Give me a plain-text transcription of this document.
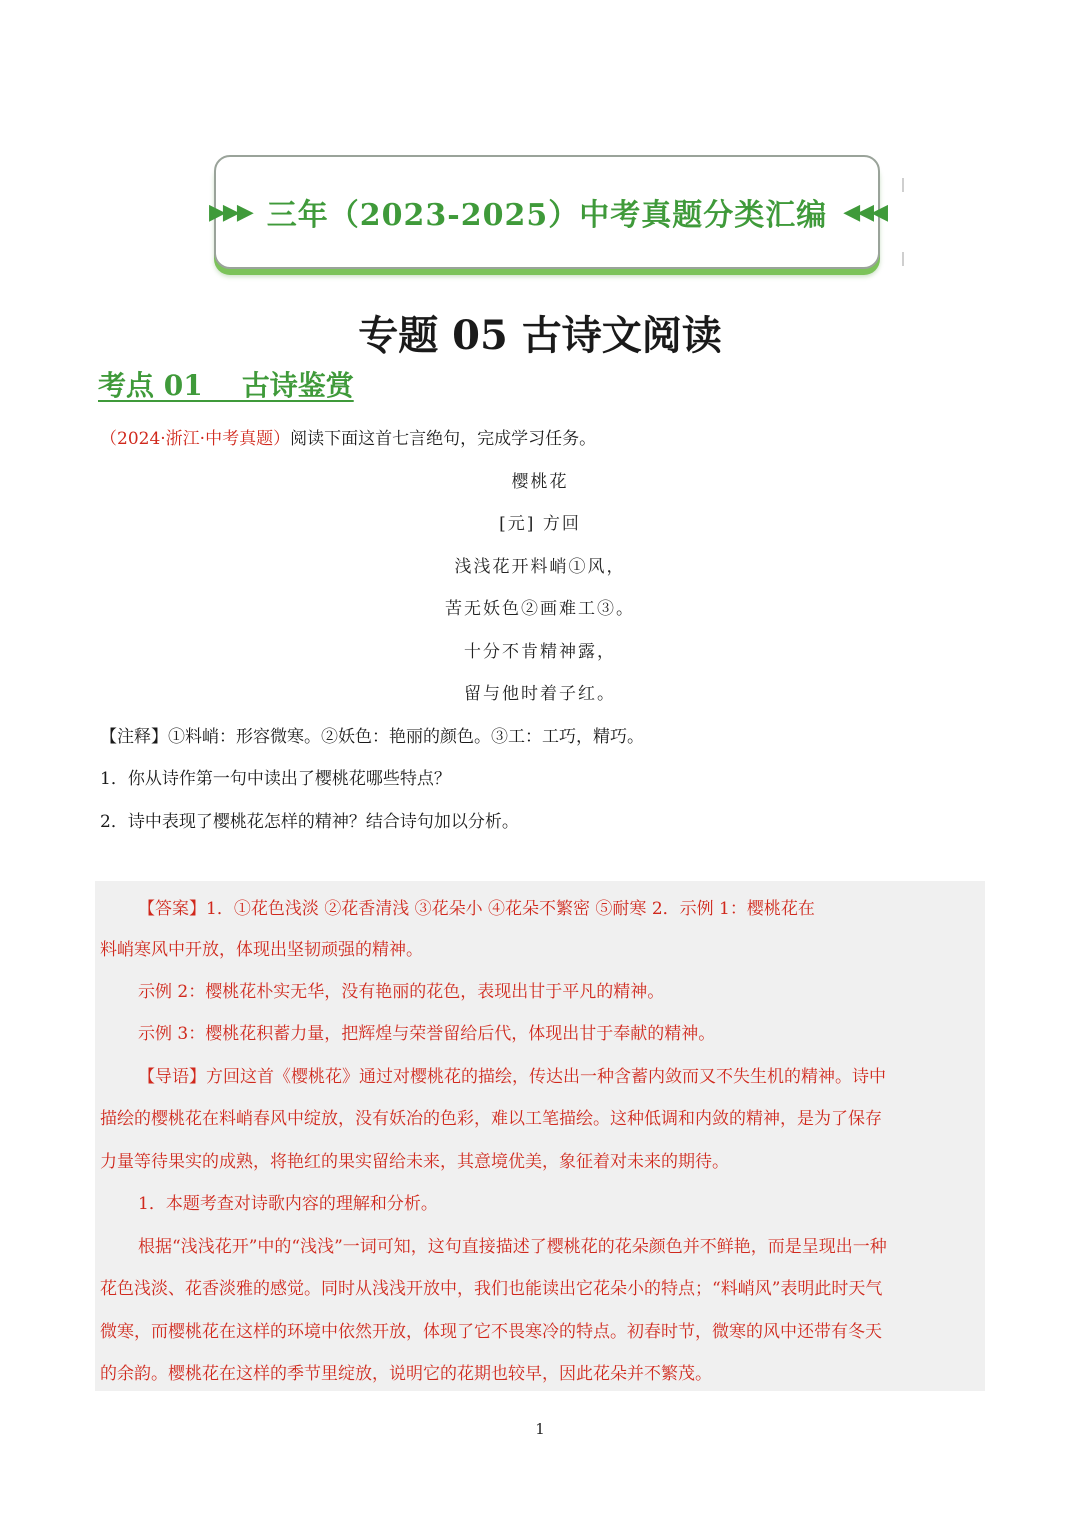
▶▶▶ 三年（2023-2025）中考真题分类汇编 ◀◀◀
专题 05 古诗文阅读
考点 01    古诗鉴赏
（2024·浙江·中考真题）阅读下面这首七言绝句，完成学习任务。
樱桃花
[元] 方回
浅浅花开料峭①风，
苦无妖色②画难工③。
十分不肯精神露，
留与他时着子红。
【注释】①料峭：形容微寒。②妖色：艳丽的颜色。③工：工巧，精巧。
1．你从诗作第一句中读出了樱桃花哪些特点？
2．诗中表现了樱桃花怎样的精神？结合诗句加以分析。
【答案】1．①花色浅淡 ②花香清浅 ③花朵小 ④花朵不繁密 ⑤耐寒 2．示例 1：樱桃花在
料峭寒风中开放，体现出坚韧顽强的精神。
示例 2：樱桃花朴实无华，没有艳丽的花色，表现出甘于平凡的精神。
示例 3：樱桃花积蓄力量，把辉煌与荣誉留给后代，体现出甘于奉献的精神。
【导语】方回这首《樱桃花》通过对樱桃花的描绘，传达出一种含蓄内敛而又不失生机的精神。诗中
描绘的樱桃花在料峭春风中绽放，没有妖冶的色彩，难以工笔描绘。这种低调和内敛的精神，是为了保存
力量等待果实的成熟，将艳红的果实留给未来，其意境优美，象征着对未来的期待。
1．本题考查对诗歌内容的理解和分析。
根据“浅浅花开”中的“浅浅”一词可知，这句直接描述了樱桃花的花朵颜色并不鲜艳，而是呈现出一种
花色浅淡、花香淡雅的感觉。同时从浅浅开放中，我们也能读出它花朵小的特点；“料峭风”表明此时天气
微寒，而樱桃花在这样的环境中依然开放，体现了它不畏寒冷的特点。初春时节，微寒的风中还带有冬天
的余韵。樱桃花在这样的季节里绽放，说明它的花期也较早，因此花朵并不繁茂。
1
